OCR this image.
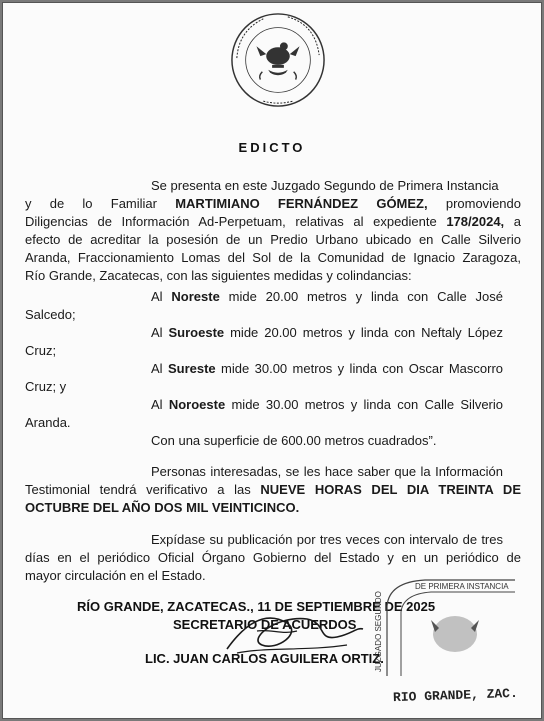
EDICTO
Se presenta en este Juzgado Segundo de Primera Instancia
y de lo Familiar MARTIMIANO FERNÁNDEZ GÓMEZ, promoviendo
Diligencias de Información Ad-Perpetuam, relativas al expediente 178/2024, a
efecto de acreditar la posesión de un Predio Urbano ubicado en Calle Silverio
Aranda, Fraccionamiento Lomas del Sol de la Comunidad de Ignacio Zaragoza,
Río Grande, Zacatecas, con las siguientes medidas y colindancias:
Al Noreste mide 20.00 metros y linda con Calle José
Salcedo;
Al Suroeste mide 20.00 metros y linda con Neftaly López
Cruz;
Al Sureste mide 30.00 metros y linda con Oscar Mascorro
Cruz; y
Al Noroeste mide 30.00 metros y linda con Calle Silverio
Aranda.
Con una superficie de 600.00 metros cuadrados”.
Personas interesadas, se les hace saber que la Información
Testimonial tendrá verificativo a las NUEVE HORAS DEL DIA TREINTA DE
OCTUBRE DEL AÑO DOS MIL VEINTICINCO.
Expídase su publicación por tres veces con intervalo de tres
días en el periódico Oficial Órgano Gobierno del Estado y en un periódico de
mayor circulación en el Estado.
RÍO GRANDE, ZACATECAS., 11 DE SEPTIEMBRE DE 2025
SECRETARIO DE ACUERDOS
LIC. JUAN CARLOS AGUILERA ORTIZ.
JUZGADO SEGUNDO
DE PRIMERA INSTANCIA
RIO GRANDE, ZAC.
